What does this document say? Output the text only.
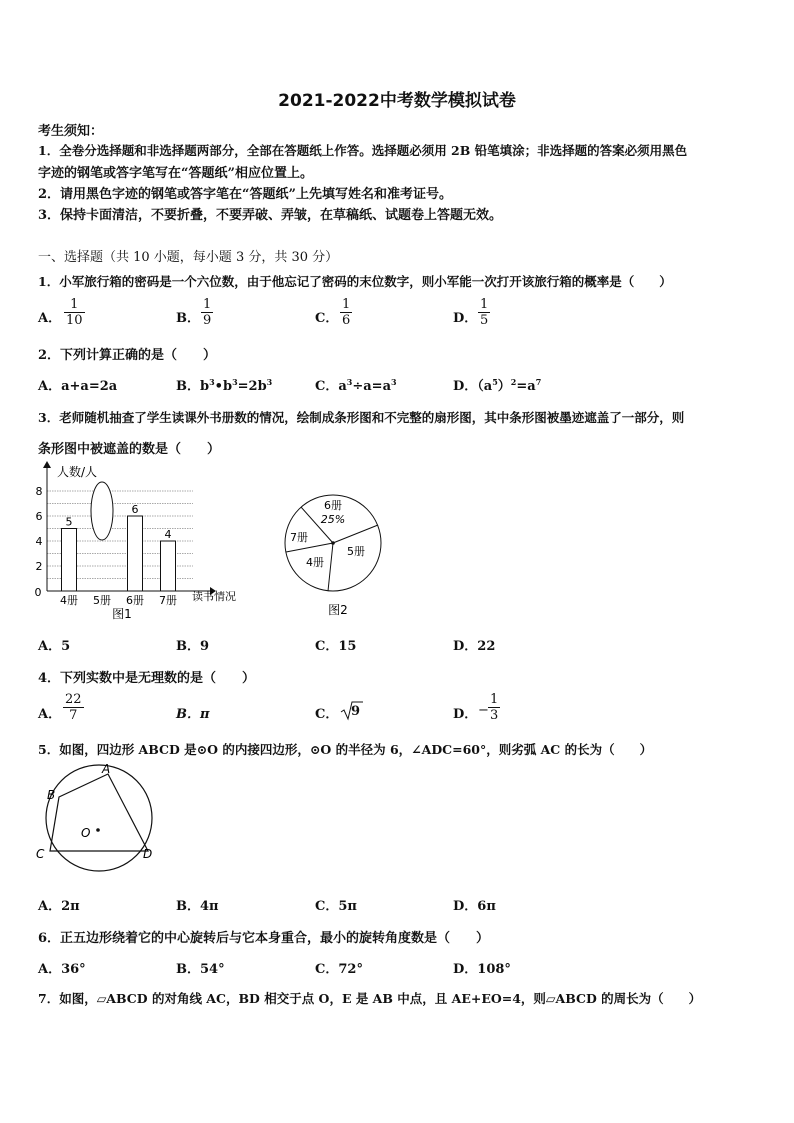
2021-2022中考数学模拟试卷
考生须知：
1．全卷分选择题和非选择题两部分，全部在答题纸上作答。选择题必须用 2B 铅笔填涂；非选择题的答案必须用黑色
字迹的钢笔或答字笔写在“答题纸”相应位置上。
2．请用黑色字迹的钢笔或答字笔在“答题纸”上先填写姓名和准考证号。
3．保持卡面清洁，不要折叠，不要弄破、弄皱，在草稿纸、试题卷上答题无效。
一、选择题（共 10 小题，每小题 3 分，共 30 分）
1．小军旅行箱的密码是一个六位数，由于他忘记了密码的末位数字，则小军能一次打开该旅行箱的概率是（　　）
A．
1
10	B．
1
9	C．
1
6	D．
1
5
2．下列计算正确的是（　　）
A．a+a=2a	B．$b^3•b^3=2b^3$	C．$a^3\div a=a^3$	D．$(a^5)^2=a^7$
3．老师随机抽查了学生读课外书册数的情况，绘制成条形图和不完整的扇形图，其中条形图被墨迹遮盖了一部分，则
条形图中被遮盖的数是（　　）
人数/人
读书情况
0
2
4
6
8
5
4册 5册
6
6册
4
7册
图1
6册
25%
5册
4册
7册
图2
A．5	B．9	C．15	D．22
4．下列实数中是无理数的是（　　）
A．
22
7	B．π	C． 9	D． −
1
3
5．如图，四边形 ABCD 是⊙O 的内接四边形，⊙O 的半径为 6，∠ADC=60°，则劣弧 AC 的长为（　　）
A
B
C	D
O
A．2π	B．4π	C．5π	D．6π
6．正五边形绕着它的中心旋转后与它本身重合，最小的旋转角度数是（　　）
A．36°	B．54°	C．72°	D．108°
7．如图，▱ABCD 的对角线 AC，BD 相交于点 O，E 是 AB 中点，且 AE+EO=4，则▱ABCD 的周长为（　　）
